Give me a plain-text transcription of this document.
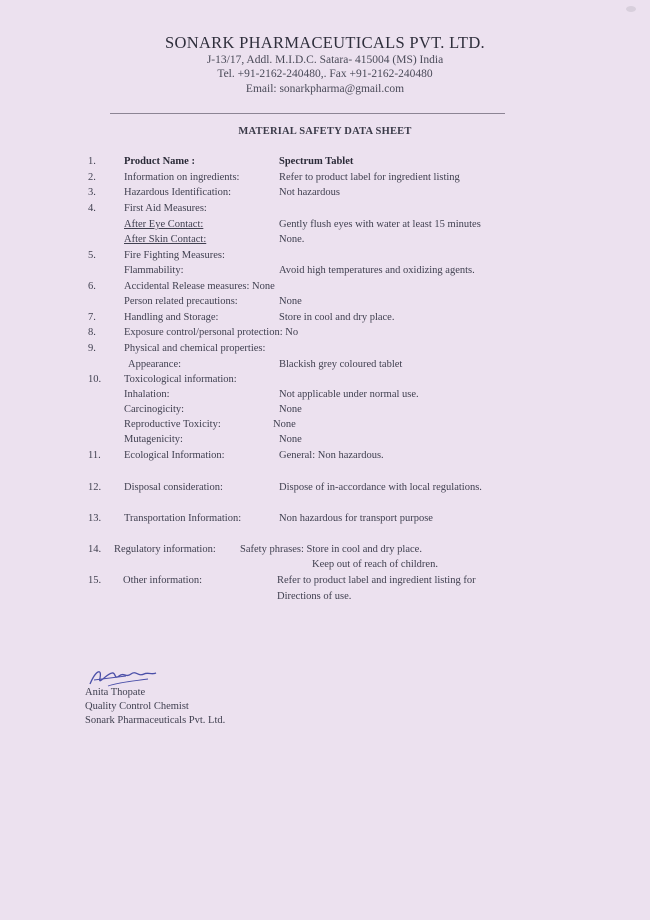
SONARK PHARMACEUTICALS PVT. LTD.
J-13/17, Addl. M.I.D.C. Satara- 415004 (MS) India
Tel. +91-2162-240480,. Fax +91-2162-240480
Email: sonarkpharma@gmail.com
MATERIAL SAFETY DATA SHEET
1.	Product Name :	Spectrum Tablet
2.	Information on ingredients:	Refer to product label for ingredient listing
3.	Hazardous Identification:	Not hazardous
4.	First Aid Measures:
After Eye Contact:	Gently flush eyes with water at least 15 minutes
After Skin Contact:	None.
5.	Fire Fighting Measures:
Flammability:	Avoid high temperatures and oxidizing agents.
6.	Accidental Release measures: None
Person related precautions:	None
7.	Handling and Storage:	Store in cool and dry place.
8.	Exposure control/personal protection: No
9.	Physical and chemical properties:
Appearance:	Blackish grey coloured tablet
10. Toxicological information:
Inhalation:	Not applicable under normal use.
Carcinogicity:	None
Reproductive Toxicity:	None
Mutagenicity:	None
11. Ecological Information:	General: Non hazardous.
12. Disposal consideration:	Dispose of in-accordance with local regulations.
13. Transportation Information:	Non hazardous for transport purpose
14. Regulatory information: Safety phrases: Store in cool and dry place.
Keep out of reach of children.
15. Other information:	Refer to product label and ingredient listing for
Directions of use.
Anita Thopate
Quality Control Chemist
Sonark Pharmaceuticals Pvt. Ltd.
